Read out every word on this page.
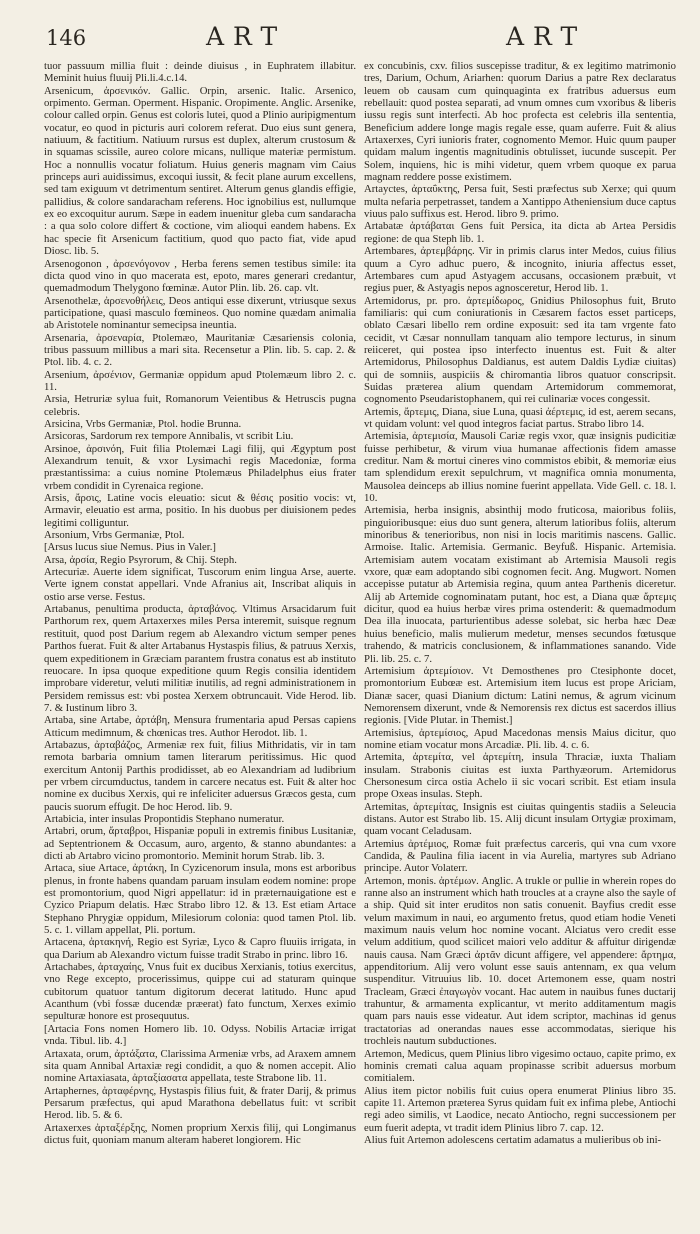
146	ART	ART

tuor passuum millia fluit : deinde diuisus , in Euphratem illabitur. Meminit huius fluuij Pli.li.4.c.14.

Arsenicum, ἀρσενικόν. Gallic. Orpin, arsenic. Italic. Arsenico, orpimento. German. Operment. Hispanic. Oropimente. Anglic. Arsenike, colour called orpin. Genus est coloris lutei, quod a Plinio auripigmentum vocatur, eo quod in picturis auri colorem referat. Duo eius sunt genera, natiuum, & factitium. Natiuum rursus est duplex, alterum crustosum & in squamas scissile, aureo colore micans, nullique materiæ permistum. Hoc a nonnullis vocatur foliatum. Huius generis magnam vim Caius princeps auri auidissimus, excoqui iussit, & fecit plane aurum excellens, sed tam exiguum vt detrimentum sentiret. Alterum genus glandis effigie, pallidius, & colore sandaracham referens. Hoc ignobilius est, nullumque ex eo excoquitur aurum. Sæpe in eadem inuenitur gleba cum sandaracha : a qua solo colore differt & coctione, vim alioqui eandem habens. Ex hac specie fit Arsenicum factitium, quod quo pacto fiat, vide apud Diosc. lib. 5.

Arsenogonon , ἀρσενόγονον , Herba ferens semen testibus simile: ita dicta quod vino in quo macerata est, epoto, mares generari credantur, quemadmodum Thelygono fœminæ. Autor Plin. lib. 26. cap. vlt.

Arsenothelæ, ἀρσενοθήλεις, Deos antiqui esse dixerunt, vtriusque sexus participatione, quasi masculo fœmineos. Quo nomine quædam animalia ab Aristotele nominantur semecipsa ineuntia.

Arsenaria, ἀρσεναρία, Ptolemæo, Mauritaniæ Cæsariensis colonia, tribus passuum millibus a mari sita. Recensetur a Plin. lib. 5. cap. 2. & Ptol. lib. 4. c. 2.

Arsenium, ἀρσένιον, Germaniæ oppidum apud Ptolemæum libro 2. c. 11.

Arsia, Hetruriæ sylua fuit, Romanorum Veientibus & Hetruscis pugna celebris.

Arsicina, Vrbs Germaniæ, Ptol. hodie Brunna.

Arsicoras, Sardorum rex tempore Annibalis, vt scribit Liu.

Arsinoe, ἀρσινόη, Fuit filia Ptolemæi Lagi filij, qui Ægyptum post Alexandrum tenuit, & vxor Lysimachi regis Macedoniæ, forma præstantissima: a cuius nomine Ptolemæus Philadelphus eius frater vrbem condidit in Cyrenaica regione.

Arsis, ἄρσις, Latine vocis eleuatio: sicut & θέσις positio vocis: vt, Armavir, eleuatio est arma, positio. In his duobus per diuisionem pedes legitimi colliguntur.

Arsonium, Vrbs Germaniæ, Ptol.

[Arsus lucus siue Nemus. Pius in Valer.]

Arsa, ἀρσία, Regio Psyrorum, & Chij. Steph.

Artecuriæ. Auerte idem significat, Tuscorum enim lingua Arse, auerte. Verte ignem constat appellari. Vnde Afranius ait, Inscribat aliquis in ostio arse verse. Festus.

Artabanus, penultima producta, ἀρταβάνος. Vltimus Arsacidarum fuit Parthorum rex, quem Artaxerxes miles Persa interemit, suisque regnum restituit, quod post Darium regem ab Alexandro victum semper penes Parthos fuerat. Fuit & alter Artabanus Hystaspis filius, & patruus Xerxis, quem expeditionem in Græciam parantem frustra conatus est ab instituto reuocare. In ipsa quoque expeditione quum Regis consilia identidem improbare videretur, veluti militiæ inutilis, ad regni administrationem in Persidem remissus est: vbi postea Xerxem obtruncauit. Vide Herod. lib. 7. & Iustinum libro 3.

Artaba, sine Artabe, ἀρτάβη, Mensura frumentaria apud Persas capiens Atticum medimnum, & chœnicas tres. Author Herodot. lib. 1.

Artabazus, ἀρταβάζος, Armeniæ rex fuit, filius Mithridatis, vir in tam remota barbaria omnium tamen literarum peritissimus. Hic quod exercitum Antonij Parthis prodidisset, ab eo Alexandriam ad ludibrium per vrbem circumductus, tandem in carcere necatus est. Fuit & alter hoc nomine ex ducibus Xerxis, qui re infeliciter aduersus Græcos gesta, cum paucis suorum effugit. De hoc Herod. lib. 9.

Artabicia, inter insulas Propontidis Stephano numeratur.

Artabri, orum, ἄρταβροι, Hispaniæ populi in extremis finibus Lusitaniæ, ad Septentrionem & Occasum, auro, argento, & stanno abundantes: a dicti ab Artabro vicino promontorio. Meminit horum Strab. lib. 3.

Artaca, siue Artace, ἀρτάκη, In Cyzicenorum insula, mons est arboribus plenus, in fronte habens quandam paruam insulam eodem nomine: prope est promontorium, quod Nigri appellatur: id in præternauigatione est e Cyzico Priapum delatis. Hæc Strabo libro 12. & 13. Est etiam Artace Stephano Phrygiæ oppidum, Milesiorum colonia: quod tamen Ptol. lib. 5. c. 1. villam appellat, Pli. portum.

Artacena, ἀρτακηνή, Regio est Syriæ, Lyco & Capro fluuiis irrigata, in qua Darium ab Alexandro victum fuisse tradit Strabo in princ. libro 16.

Artachabes, ἀρταχαίης, Vnus fuit ex ducibus Xerxianis, totius exercitus, vno Rege excepto, procerissimus, quippe cui ad staturam quinque cubitorum quatuor tantum digitorum decerat latitudo. Hunc apud Acanthum (vbi fossæ ducendæ præerat) fato functum, Xerxes eximio sepulturæ honore est prosequutus.

[Artacia Fons nomen Homero lib. 10. Odyss. Nobilis Artaciæ irrigat vnda. Tibul. lib. 4.]

Artaxata, orum, ἀρτάξατα, Clarissima Armeniæ vrbs, ad Araxem amnem sita quam Annibal Artaxiæ regi condidit, a quo & nomen accepit. Alio nomine Artaxiasata, ἀρταξίασατα appellata, teste Strabone lib. 11.

Artaphernes, ἀρταφέρνης, Hystaspis filius fuit, & frater Darij, & primus Persarum præfectus, qui apud Marathona debellatus fuit: vt scribit Herod. lib. 5. & 6.

Artaxerxes ἀρταξέρξης, Nomen proprium Xerxis filij, qui Longimanus dictus fuit, quoniam manum alteram haberet longiorem. Hic

ex concubinis, cxv. filios suscepisse traditur, & ex legitimo matrimonio tres, Darium, Ochum, Ariarhen: quorum Darius a patre Rex declaratus leuem ob causam cum quinquaginta ex fratribus aduersus eum rebellauit: quod postea separati, ad vnum omnes cum vxoribus & liberis iussu regis sunt interfecti. Ab hoc profecta est celebris illa sententia, Beneficium addere longe magis regale esse, quam auferre. Fuit & alius Artaxerxes, Cyri iunioris frater, cognomento Memor. Huic quum pauper quidam malum ingentis magnitudinis obtulisset, iucunde suscepit. Per Solem, inquiens, hic is mihi videtur, quem vrbem quoque ex parua magnam reddere posse existimem.

Artayctes, ἀρταΰκτης, Persa fuit, Sesti præfectus sub Xerxe; qui quum multa nefaria perpetrasset, tandem a Xantippo Atheniensium duce captus viuus palo suffixus est. Herod. libro 9. primo.

Artabatæ ἀρτάβαται Gens fuit Persica, ita dicta ab Artea Persidis regione: de qua Steph lib. 1.

Artembares, ἀρτεμβάρης. Vir in primis clarus inter Medos, cuius filius quum a Cyro adhuc puero, & incognito, iniuria affectus esset, Artembares cum apud Astyagem accusans, occasionem præbuit, vt regius puer, & Astyagis nepos agnosceretur, Herod lib. 1.

Artemidorus, pr. pro. ἀρτεμίδωρος, Gnidius Philosophus fuit, Bruto familiaris: qui cum coniurationis in Cæsarem factos esset particeps, oblato Cæsari libello rem ordine exposuit: sed ita tam vrgente fato cecidit, vt Cæsar nonnullam tanquam alio tempore lecturus, in sinum reiiceret, qui postea ipso interfecto inuentus est. Fuit & alter Artemidorus, Philosophus Daldianus, est autem Daldis Lydiæ ciuitas) qui de somniis, auspiciis & chiromantia libros quatuor conscripsit. Suidas præterea alium quendam Artemidorum commemorat, cognomento Pseudaristophanem, qui rei culinariæ voces congessit.

Artemis, ἄρτεμις, Diana, siue Luna, quasi ἀέρτεμις, id est, aerem secans, vt quidam volunt: vel quod integros faciat partus. Strabo libro 14.

Artemisia, ἀρτεμισία, Mausoli Cariæ regis vxor, quæ insignis pudicitiæ fuisse perhibetur, & virum viua humanae affectionis fidem amasse creditur. Nam & mortui cineres vino commistos ebibit, & memoriæ eius tam splendidum erexit sepulchrum, vt magnifica omnia monumenta, Mausolea deinceps ab illius nomine fuerint appellata. Vide Gell. c. 18. l. 10.

Artemisia, herba insignis, absinthij modo fruticosa, maioribus foliis, pinguioribusque: eius duo sunt genera, alterum latioribus foliis, alterum minoribus & tenerioribus, non nisi in locis maritimis nascens. Gallic. Armoise. Italic. Artemisia. Germanic. Beyfuß. Hispanic. Artemisia. Artemisiam autem vocatam existimant ab Artemisia Mausoli regis vxore, quæ eam adoptando sibi cognomen fecit. Ang. Mugwort. Nomen accepisse putatur ab Artemisia regina, quum antea Parthenis diceretur. Alij ab Artemide cognominatam putant, hoc est, a Diana quæ ἄρτεμις dicitur, quod ea huius herbæ vires prima ostenderit: & quemadmodum Dea illa inuocata, parturientibus adesse solebat, sic herba hæc Deæ huius beneficio, malis mulierum medetur, menses secundos fœtusque trahendo, & matricis conclusionem, & inflammationes sanando. Vide Pli. lib. 25. c. 7.

Artemisium ἀρτεμίσιον. Vt Demosthenes pro Ctesiphonte docet, promontorium Eubœæ est. Artemisium item lucus est prope Ariciam, Dianæ sacer, quasi Dianium dictum: Latini nemus, & agrum vicinum Nemorensem dixerunt, vnde & Nemorensis rex dictus est sacerdos illius regionis. [Vide Plutar. in Themist.]

Artemisius, ἀρτεμίσιος, Apud Macedonas mensis Maius dicitur, quo nomine etiam vocatur mons Arcadiæ. Pli. lib. 4. c. 6.

Artemita, ἀρτεμίτα, vel ἀρτεμίτη, insula Thraciæ, iuxta Thaliam insulam. Strabonis ciuitas est iuxta Parthyæorum. Artemidorus Chersonesum circa ostia Achelo ii sic vocari scribit. Est etiam insula prope Oxeas insulas. Steph.

Artemitas, ἀρτεμίτας, Insignis est ciuitas quingentis stadiis a Seleucia distans. Autor est Strabo lib. 15. Alij dicunt insulam Ortygiæ proximam, quam vocant Celadusam.

Artemius ἀρτέμιος, Romæ fuit præfectus carceris, qui vna cum vxore Candida, & Paulina filia iacent in via Aurelia, martyres sub Adriano principe. Autor Volaterr.

Artemon, monis. ἀρτέμων. Anglic. A trukle or pullie in wherein ropes do ranne also an instrument which hath troucles at a crayne also the sayle of a ship. Quid sit inter eruditos non satis conuenit. Bayfius credit esse velum maximum in naui, eo argumento fretus, quod etiam hodie Veneti maximum nauis velum hoc nomine vocant. Alciatus vero credit esse velum additium, quod scilicet maiori velo additur & affuitur dirigendæ nauis causa. Nam Græci ἀρτᾶν dicunt affigere, vel appendere: ἄρτημα, appenditorium. Alij vero volunt esse sauis antennam, ex qua velum suspenditur. Vitruuius lib. 10. docet Artemonem esse, quam nostri Tracleam, Græci ἐπαγωγὸν vocant. Hac autem in nauibus funes ductarij trahuntur, & armamenta explicantur, vt merito additamentum magis quam pars nauis esse videatur. Aut idem scriptor, machinas id genus tractatorias ad onerandas naues esse accommodatas, sierique his trochleis nautum subductiones.

Artemon, Medicus, quem Plinius libro vigesimo octauo, capite primo, ex hominis cremati calua aquam propinasse scribit aduersus morbum comitialem.

Alius item pictor nobilis fuit cuius opera enumerat Plinius libro 35. capite 11. Artemon præterea Syrus quidam fuit ex infima plebe, Antiochi regi adeo similis, vt Laodice, necato Antiocho, regni successionem per eum fuerit adepta, vt tradit idem Plinius libro 7. cap. 12.

Alius fuit Artemon adolescens certatim adamatus a mulieribus ob ini-
